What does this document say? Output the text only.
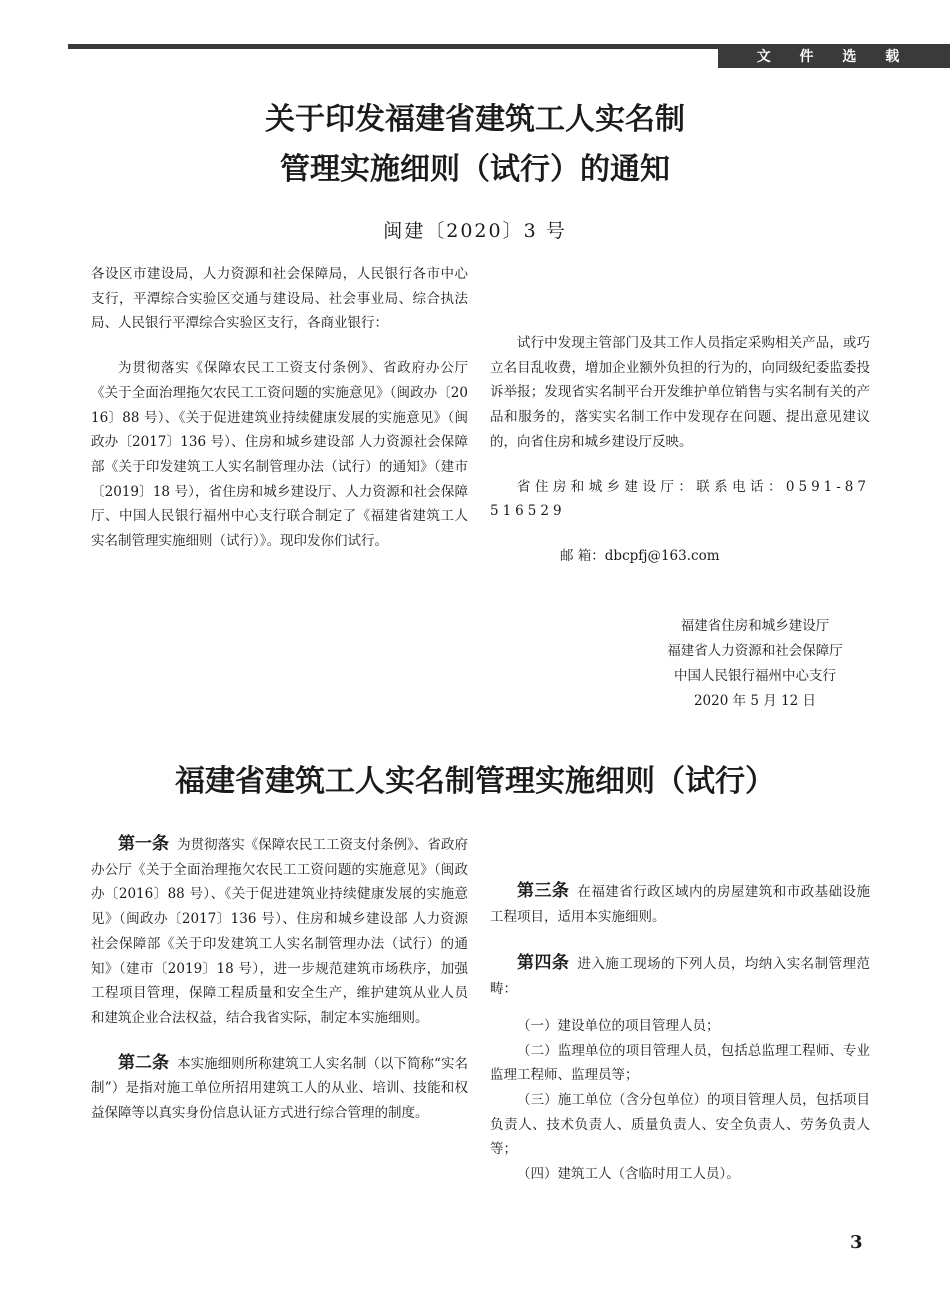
文 件 选 载
关于印发福建省建筑工人实名制
管理实施细则（试行）的通知
闽建〔2020〕3 号

各设区市建设局，人力资源和社会保障局，人民银行各市中心支行，平潭综合实验区交通与建设局、社会事业局、综合执法局、人民银行平潭综合实验区支行，各商业银行：

为贯彻落实《保障农民工工资支付条例》、省政府办公厅《关于全面治理拖欠农民工工资问题的实施意见》（闽政办〔2016〕88 号）、《关于促进建筑业持续健康发展的实施意见》（闽政办〔2017〕136 号）、住房和城乡建设部 人力资源社会保障部《关于印发建筑工人实名制管理办法（试行）的通知》（建市〔2019〕18 号），省住房和城乡建设厅、人力资源和社会保障厅、中国人民银行福州中心支行联合制定了《福建省建筑工人实名制管理实施细则（试行）》。现印发你们试行。

试行中发现主管部门及其工作人员指定采购相关产品，或巧立名目乱收费，增加企业额外负担的行为的，向同级纪委监委投诉举报；发现省实名制平台开发维护单位销售与实名制有关的产品和服务的，落实实名制工作中发现存在问题、提出意见建议的，向省住房和城乡建设厅反映。

省住房和城乡建设厅：联系电话：0591-87516529

邮 箱：dbcpfj@163.com

福建省住房和城乡建设厅
福建省人力资源和社会保障厅
中国人民银行福州中心支行
2020 年 5 月 12 日
福建省建筑工人实名制管理实施细则（试行）

第一条 为贯彻落实《保障农民工工资支付条例》、省政府办公厅《关于全面治理拖欠农民工工资问题的实施意见》（闽政办〔2016〕88 号）、《关于促进建筑业持续健康发展的实施意见》（闽政办〔2017〕136 号）、住房和城乡建设部 人力资源社会保障部《关于印发建筑工人实名制管理办法（试行）的通知》（建市〔2019〕18 号），进一步规范建筑市场秩序，加强工程项目管理，保障工程质量和安全生产，维护建筑从业人员和建筑企业合法权益，结合我省实际，制定本实施细则。

第二条 本实施细则所称建筑工人实名制（以下简称“实名制”）是指对施工单位所招用建筑工人的从业、培训、技能和权益保障等以真实身份信息认证方式进行综合管理的制度。

第三条 在福建省行政区域内的房屋建筑和市政基础设施工程项目，适用本实施细则。

第四条 进入施工现场的下列人员，均纳入实名制管理范畴：

（一）建设单位的项目管理人员；

（二）监理单位的项目管理人员，包括总监理工程师、专业监理工程师、监理员等；

（三）施工单位（含分包单位）的项目管理人员，包括项目负责人、技术负责人、质量负责人、安全负责人、劳务负责人等；

（四）建筑工人（含临时用工人员）。

3
